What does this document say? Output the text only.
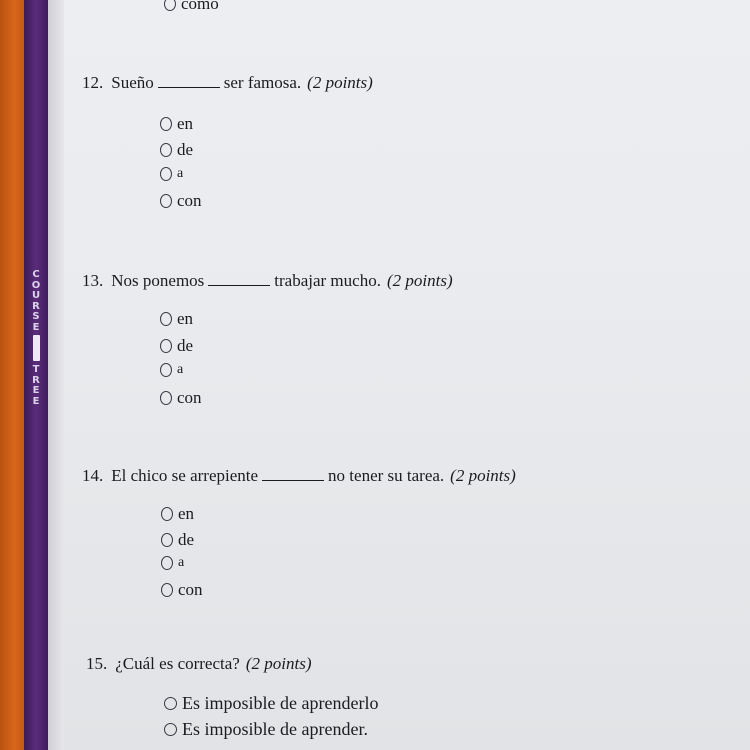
C
O
U
R
S
E
T
R
E
E
como
12. Sueño	ser famosa. (2 points)
en
de
a
con
13. Nos ponemos	trabajar mucho. (2 points)
en
de
a
con
14. El chico se arrepiente	no tener su tarea. (2 points)
en
de
a
con
15. ¿Cuál es correcta? (2 points)
Es imposible de aprenderlo
Es imposible de aprender.
